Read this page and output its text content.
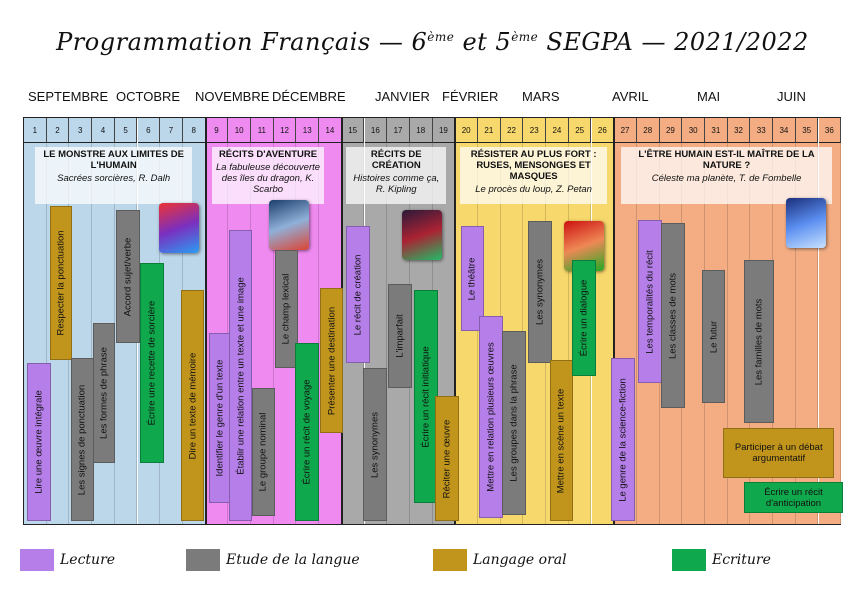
Programmation Français — 6ème et 5ème SEGPA — 2021/2022
SEPTEMBRE OCTOBRE NOVEMBRE DÉCEMBRE JANVIER FÉVRIER MARS	AVRIL	MAI	JUIN
1	2	3	4	5	6	7	8	9	10	11	12	13	14	15	16	17	18	19	20	21	22	23	24	25	26	27	28	29	30	31	32	33	34	35	36
LE MONSTRE AUX LIMITES DE L'HUMAIN
Sacrées sorcières, R. Dalh
RÉCITS D'AVENTURE
La fabuleuse découverte des îles du dragon, K. Scarbo
RÉCITS DE CRÉATION
Histoires comme ça, R. Kipling
RÉSISTER AU PLUS FORT : RUSES, MENSONGES ET MASQUES
Le procès du loup, Z. Petan
L'ÊTRE HUMAIN EST-IL MAÎTRE DE LA NATURE ?
Céleste ma planète, T. de Fombelle
Lire une œuvre intégrale
Respecter la ponctuation
Les signes de ponctuation Les formes de phrase
Accord sujet/verbe
Écrire une recette de sorcière	Dire un texte de mémoire Identifier le genre d'un texte Établir une relation entre un texte et une image Le groupe nominal
Le champ lexical
Écrire un récit de voyage
Présenter une destination
Le récit de création
Les synonymes
L'imparfait
Écrire un récit initiatique
Réciter une œuvre
Le théâtre
Mettre en relation plusieurs œuvres Les groupes dans la phrase
Les synonymes
Mettre en scène un texte
Écrire un dialogue
Le genre de la science-fiction
Les temporalités du récit Les classes de mots	Le futur	Les familles de mots
Participer à un débat argumentatif
Écrire un récit d'anticipation
Lecture	Etude de la langue	Langage oral	Ecriture
